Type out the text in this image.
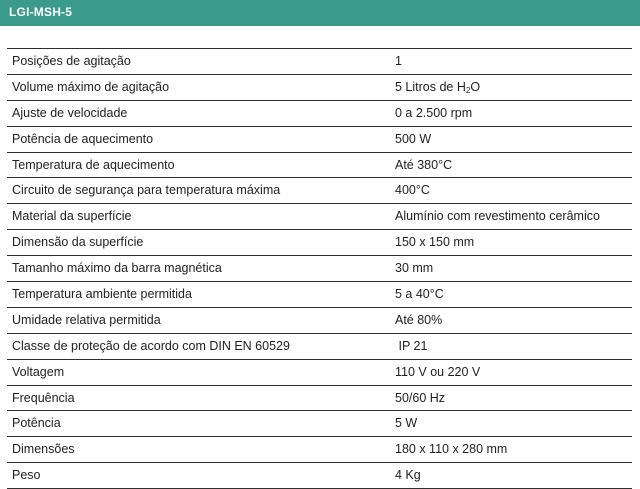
LGI-MSH-5
Posições de agitação	1
Volume máximo de agitação	5 Litros de $H_2O$
Ajuste de velocidade	0 a 2.500 rpm
Potência de aquecimento	500 W
Temperatura de aquecimento	Até 380°C
Circuito de segurança para temperatura máxima	400°C
Material da superfície	Alumínio com revestimento cerâmico
Dimensão da superfície	150 x 150 mm
Tamanho máximo da barra magnética	30 mm
Temperatura ambiente permitida	5 a 40°C
Umidade relativa permitida	Até 80%
Classe de proteção de acordo com DIN EN 60529	IP 21
Voltagem	110 V ou 220 V
Frequência	50/60 Hz
Potência	5 W
Dimensões	180 x 110 x 280 mm
Peso	4 Kg
